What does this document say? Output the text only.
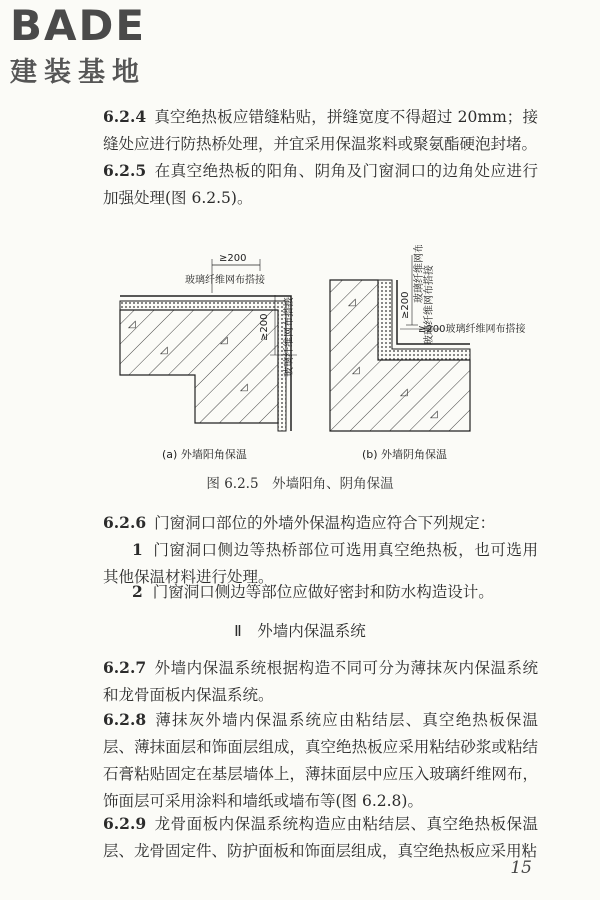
BADE
建装基地

6.2.4 真空绝热板应错缝粘贴，拼缝宽度不得超过 20mm；接缝处应进行防热桥处理，并宜采用保温浆料或聚氨酯硬泡封堵。

6.2.5 在真空绝热板的阳角、阴角及门窗洞口的边角处应进行加强处理(图 6.2.5)。

◿
◿
◿
◿
≥200
玻璃纤维网布搭接
≥200 玻璃纤维网布搭接
(a) 外墙阳角保温
◿
◿
◿
◿
玻璃纤维网布搭接
≥200 玻璃纤维网布搭接
≥200玻璃纤维网布搭接
(b) 外墙阴角保温
图 6.2.5　外墙阳角、阴角保温

6.2.6 门窗洞口部位的外墙外保温构造应符合下列规定：

1 门窗洞口侧边等热桥部位可选用真空绝热板，也可选用其他保温材料进行处理。

2 门窗洞口侧边等部位应做好密封和防水构造设计。

Ⅱ　外墙内保温系统

6.2.7 外墙内保温系统根据构造不同可分为薄抹灰内保温系统和龙骨面板内保温系统。

6.2.8 薄抹灰外墙内保温系统应由粘结层、真空绝热板保温层、薄抹面层和饰面层组成，真空绝热板应采用粘结砂浆或粘结石膏粘贴固定在基层墙体上，薄抹面层中应压入玻璃纤维网布，饰面层可采用涂料和墙纸或墙布等(图 6.2.8)。

6.2.9 龙骨面板内保温系统构造应由粘结层、真空绝热板保温层、龙骨固定件、防护面板和饰面层组成，真空绝热板应采用粘

15
